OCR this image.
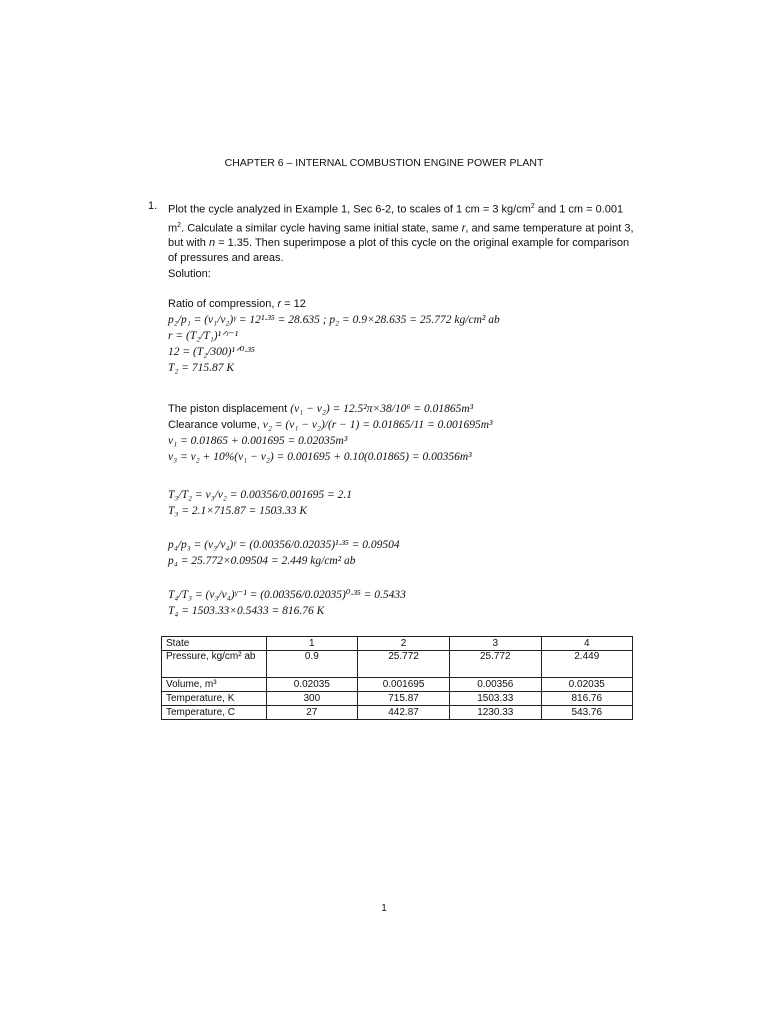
CHAPTER 6 – INTERNAL COMBUSTION ENGINE POWER PLANT
1. Plot the cycle analyzed in Example 1, Sec 6-2, to scales of 1 cm = 3 $kg/cm^2$ and 1 cm = 0.001 $m^2$. Calculate a similar cycle having same initial state, same r, and same temperature at point 3, but with n = 1.35. Then superimpose a plot of this cycle on the original example for comparison of pressures and areas.
Solution:
Ratio of compression, r = 12
p₂/p₁ = (v₁/v₂)ᵞ = 12¹·³⁵ = 28.635 ; p₂ = 0.9×28.635 = 25.772 kg/cm² ab
r = (T₂/T₁)¹ᐟʳ⁻¹
12 = (T₂/300)¹ᐟ⁰·³⁵
T₂ = 715.87 K
The piston displacement (v₁ − v₂) = 12.5²π×38/10⁶ = 0.01865m³
Clearance volume, v₂ = (v₁ − v₂)/(r − 1) = 0.01865/11 = 0.001695m³
v₁ = 0.01865 + 0.001695 = 0.02035m³
v₃ = v₂ + 10%(v₁ − v₂) = 0.001695 + 0.10(0.01865) = 0.00356m³
T₃/T₂ = v₃/v₂ = 0.00356/0.001695 = 2.1
T₃ = 2.1×715.87 = 1503.33 K
p₄/p₃ = (v₃/v₄)ᵞ = (0.00356/0.02035)¹·³⁵ = 0.09504
p₄ = 25.772×0.09504 = 2.449 kg/cm² ab
T₄/T₃ = (v₃/v₄)ᵞ⁻¹ = (0.00356/0.02035)⁰·³⁵ = 0.5433
T₄ = 1503.33×0.5433 = 816.76 K
State	1	2	3	4
Pressure, kg/cm² ab	0.9	25.772	25.772	2.449
Volume, m³	0.02035	0.001695	0.00356	0.02035
Temperature, K	300	715.87	1503.33	816.76
Temperature, C	27	442.87	1230.33	543.76
1
